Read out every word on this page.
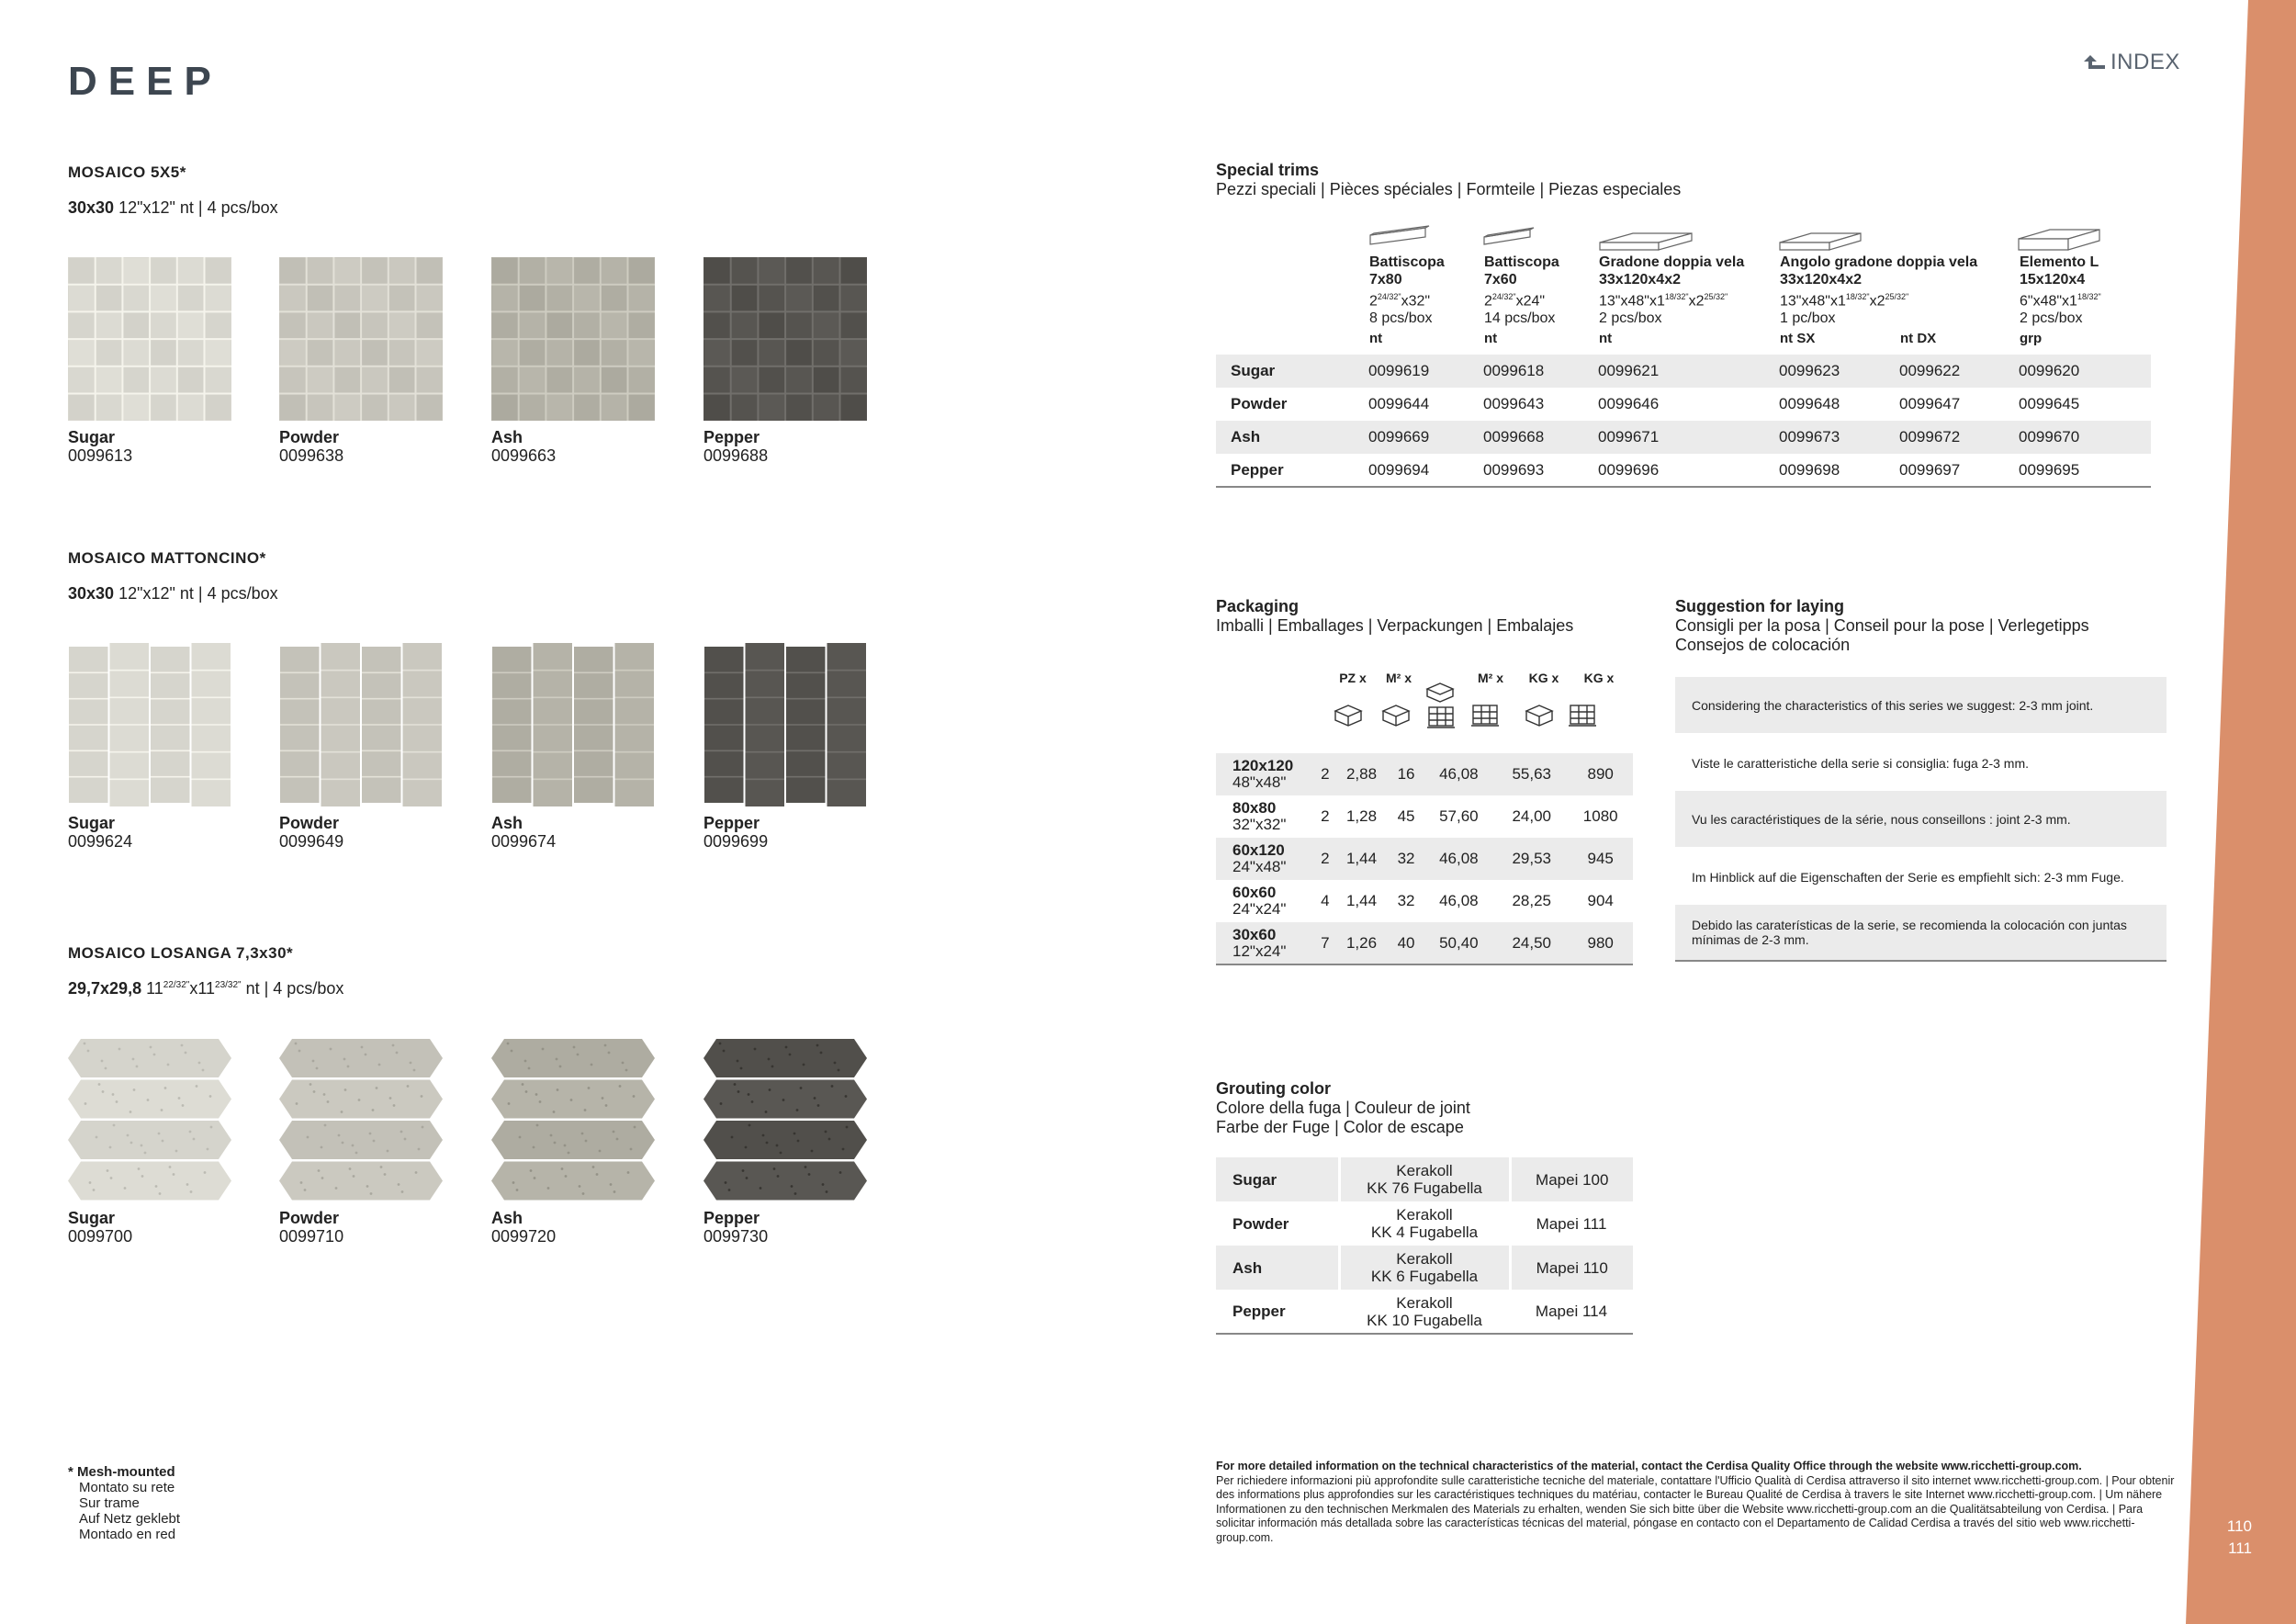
110
111
DEEP	INDEX
MOSAICO 5X5*
30x30 12"x12" nt | 4 pcs/box
Sugar
0099613
Powder
0099638
Ash
0099663
Pepper
0099688
MOSAICO MATTONCINO*
30x30 12"x12" nt | 4 pcs/box
Sugar
0099624
Powder
0099649
Ash
0099674
Pepper
0099699
MOSAICO LOSANGA 7,3x30*
29,7x29,8 $11^{22/32"}x11^{23/32"}$ nt | 4 pcs/box
Sugar
0099700
Powder
0099710
Ash
0099720
Pepper
0099730
Special trims
Pezzi speciali | Pièces spéciales | Formteile | Piezas especiales
Battiscopa
7x80
$2^{24/32"}x32$"
8 pcs/box
Battiscopa
7x60
$2^{24/32"}x24$"
14 pcs/box
Gradone doppia vela
33x120x4x2
$13"x48"x1^{18/32"}x2^{25/32"}$
2 pcs/box
Angolo gradone doppia vela
33x120x4x2
$13"x48"x1^{18/32"}x2^{25/32"}$
1 pc/box
Elemento L
15x120x4
$6"x48"x1^{18/32"}$
2 pcs/box
nt	nt	nt	nt SX	nt DX	grp
Sugar	0099619	0099618	0099621	0099623	0099622	0099620
Powder	0099644	0099643	0099646	0099648	0099647	0099645
Ash	0099669	0099668	0099671	0099673	0099672	0099670
Pepper	0099694	0099693	0099696	0099698	0099697	0099695
Packaging
Imballi | Emballages | Verpackungen | Embalajes
PZ x	M² x	M² x	KG x	KG x
120x120
48"x48"	2	2,88	16	46,08	55,63	890

80x80
32"x32"	2	1,28	45	57,60	24,00	1080

60x120
24"x48"	2	1,44	32	46,08	29,53	945

60x60
24"x24"	4	1,44	32	46,08	28,25	904

30x60
12"x24"	7	1,26	40	50,40	24,50	980
Suggestion for laying
Consigli per la posa | Conseil pour la pose | Verlegetipps
Consejos de colocación
Considering the characteristics of this series we suggest: 2-3 mm joint.
Viste le caratteristiche della serie si consiglia: fuga 2-3 mm.
Vu les caractéristiques de la série, nous conseillons : joint 2-3 mm.
Im Hinblick auf die Eigenschaften der Serie es empfiehlt sich: 2-3 mm Fuge.
Debido las caraterísticas de la serie, se recomienda la colocación con juntas mínimas de 2-3 mm.
Grouting color
Colore della fuga | Couleur de joint
Farbe der Fuge | Color de escape
Sugar	Kerakoll
KK 76 Fugabella	Mapei 100
Powder	Kerakoll
KK 4 Fugabella	Mapei 111
Ash	Kerakoll
KK 6 Fugabella	Mapei 110
Pepper	Kerakoll
KK 10 Fugabella	Mapei 114
* Mesh-mounted
Montato su rete
Sur trame
Auf Netz geklebt
Montado en red
For more detailed information on the technical characteristics of the material, contact the Cerdisa Quality Office through the website www.ricchetti-group.com.
Per richiedere informazioni più approfondite sulle caratteristiche tecniche del materiale, contattare l'Ufficio Qualità di Cerdisa attraverso il sito internet www.ricchetti-group.com. | Pour obtenir des informations plus approfondies sur les caractéristiques techniques du matériau, contacter le Bureau Qualité de Cerdisa à travers le site Internet www.ricchetti-group.com. | Um nähere Informationen zu den technischen Merkmalen des Materials zu erhalten, wenden Sie sich bitte über die Website www.ricchetti-group.com an die Qualitätsabteilung von Cerdisa. | Para solicitar información más detallada sobre las características técnicas del material, póngase en contacto con el Departamento de Calidad Cerdisa a través del sitio web www.ricchetti-group.com.
